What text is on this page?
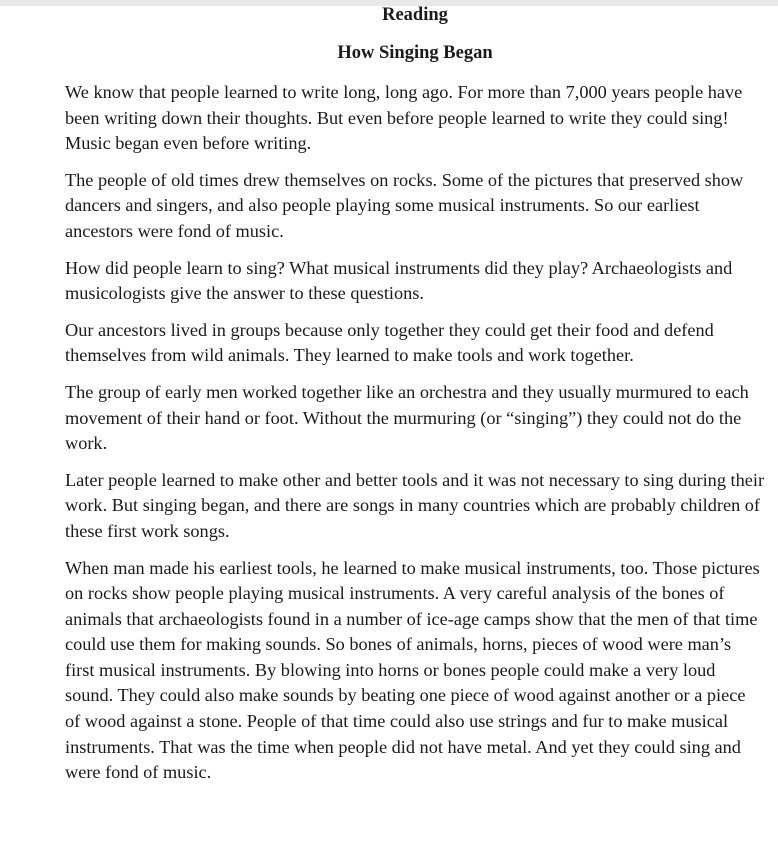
Reading
How Singing Began

We know that people learned to write long, long ago. For more than 7,000 years people have been writing down their thoughts. But even before people learned to write they could sing! Music began even before writing.

The people of old times drew themselves on rocks. Some of the pictures that preserved show dancers and singers, and also people playing some musical instruments. So our earliest ancestors were fond of music.

How did people learn to sing? What musical instruments did they play? Archaeologists and musicologists give the answer to these questions.

Our ancestors lived in groups because only together they could get their food and defend themselves from wild animals. They learned to make tools and work together.

The group of early men worked together like an orchestra and they usually murmured to each movement of their hand or foot. Without the murmuring (or “singing”) they could not do the work.

Later people learned to make other and better tools and it was not necessary to sing during their work. But singing began, and there are songs in many countries which are probably children of these first work songs.

When man made his earliest tools, he learned to make musical instruments, too. Those pictures on rocks show people playing musical instruments. A very careful analysis of the bones of animals that archaeologists found in a number of ice-age camps show that the men of that time could use them for making sounds. So bones of animals, horns, pieces of wood were man’s first musical instruments. By blowing into horns or bones people could make a very loud sound. They could also make sounds by beating one piece of wood against another or a piece of wood against a stone. People of that time could also use strings and fur to make musical instruments. That was the time when people did not have metal. And yet they could sing and were fond of music.
